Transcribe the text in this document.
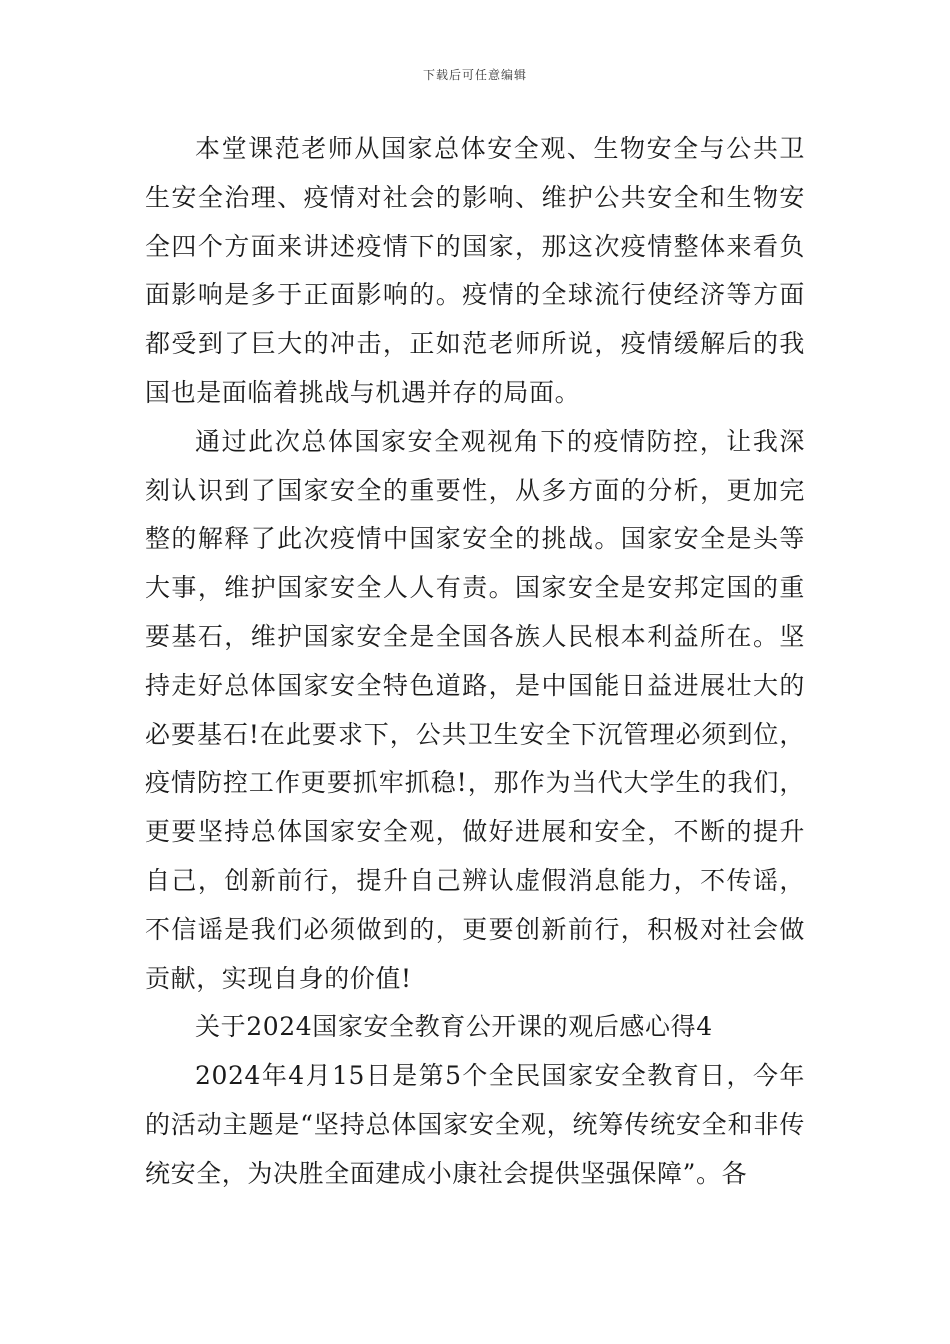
下载后可任意编辑

本堂课范老师从国家总体安全观、生物安全与公共卫生安全治理、疫情对社会的影响、维护公共安全和生物安全四个方面来讲述疫情下的国家，那这次疫情整体来看负面影响是多于正面影响的。疫情的全球流行使经济等方面都受到了巨大的冲击，正如范老师所说，疫情缓解后的我国也是面临着挑战与机遇并存的局面。

通过此次总体国家安全观视角下的疫情防控，让我深刻认识到了国家安全的重要性，从多方面的分析，更加完整的解释了此次疫情中国家安全的挑战。国家安全是头等大事，维护国家安全人人有责。国家安全是安邦定国的重要基石，维护国家安全是全国各族人民根本利益所在。坚持走好总体国家安全特色道路，是中国能日益进展壮大的必要基石!在此要求下，公共卫生安全下沉管理必须到位，疫情防控工作更要抓牢抓稳!，那作为当代大学生的我们，更要坚持总体国家安全观，做好进展和安全，不断的提升自己，创新前行，提升自己辨认虚假消息能力，不传谣，不信谣是我们必须做到的，更要创新前行，积极对社会做贡献，实现自身的价值!

关于2024国家安全教育公开课的观后感心得4

2024年4月15日是第5个全民国家安全教育日，今年的活动主题是“坚持总体国家安全观，统筹传统安全和非传统安全，为决胜全面建成小康社会提供坚强保障”。各
